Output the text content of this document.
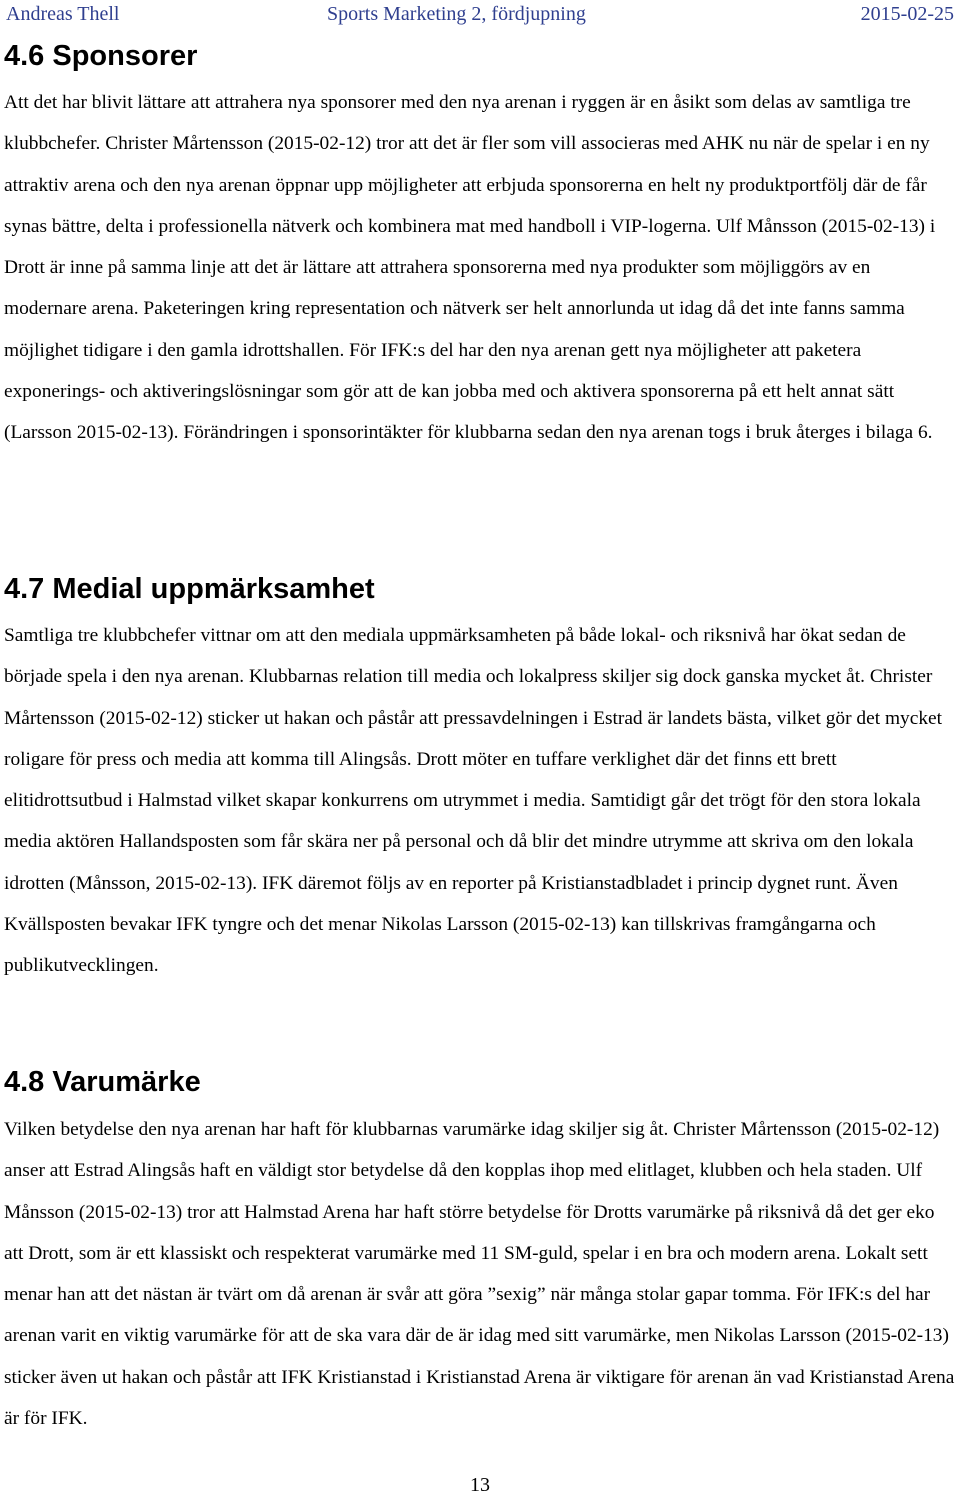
Andreas Thell	Sports Marketing 2, fördjupning	2015-02-25
4.6 Sponsorer

Att det har blivit lättare att attrahera nya sponsorer med den nya arenan i ryggen är en åsikt som delas av samtliga tre klubbchefer. Christer Mårtensson (2015-02-12) tror att det är fler som vill associeras med AHK nu när de spelar i en ny attraktiv arena och den nya arenan öppnar upp möjligheter att erbjuda sponsorerna en helt ny produktportfölj där de får synas bättre, delta i professionella nätverk och kombinera mat med handboll i VIP-logerna. Ulf Månsson (2015-02-13) i Drott är inne på samma linje att det är lättare att attrahera sponsorerna med nya produkter som möjliggörs av en modernare arena. Paketeringen kring representation och nätverk ser helt annorlunda ut idag då det inte fanns samma möjlighet tidigare i den gamla idrottshallen. För IFK:s del har den nya arenan gett nya möjligheter att paketera exponerings- och aktiveringslösningar som gör att de kan jobba med och aktivera sponsorerna på ett helt annat sätt (Larsson 2015-02-13). Förändringen i sponsorintäkter för klubbarna sedan den nya arenan togs i bruk återges i bilaga 6.

4.7 Medial uppmärksamhet

Samtliga tre klubbchefer vittnar om att den mediala uppmärksamheten på både lokal- och riksnivå har ökat sedan de började spela i den nya arenan. Klubbarnas relation till media och lokalpress skiljer sig dock ganska mycket åt. Christer Mårtensson (2015-02-12) sticker ut hakan och påstår att pressavdelningen i Estrad är landets bästa, vilket gör det mycket roligare för press och media att komma till Alingsås. Drott möter en tuffare verklighet där det finns ett brett elitidrottsutbud i Halmstad vilket skapar konkurrens om utrymmet i media. Samtidigt går det trögt för den stora lokala media aktören Hallandsposten som får skära ner på personal och då blir det mindre utrymme att skriva om den lokala idrotten (Månsson, 2015-02-13). IFK däremot följs av en reporter på Kristianstadbladet i princip dygnet runt. Även Kvällsposten bevakar IFK tyngre och det menar Nikolas Larsson (2015-02-13) kan tillskrivas framgångarna och publikutvecklingen.

4.8 Varumärke

Vilken betydelse den nya arenan har haft för klubbarnas varumärke idag skiljer sig åt. Christer Mårtensson (2015-02-12) anser att Estrad Alingsås haft en väldigt stor betydelse då den kopplas ihop med elitlaget, klubben och hela staden. Ulf Månsson (2015-02-13) tror att Halmstad Arena har haft större betydelse för Drotts varumärke på riksnivå då det ger eko att Drott, som är ett klassiskt och respekterat varumärke med 11 SM-guld, spelar i en bra och modern arena. Lokalt sett menar han att det nästan är tvärt om då arenan är svår att göra ”sexig” när många stolar gapar tomma. För IFK:s del har arenan varit en viktig varumärke för att de ska vara där de är idag med sitt varumärke, men Nikolas Larsson (2015-02-13) sticker även ut hakan och påstår att IFK Kristianstad i Kristianstad Arena är viktigare för arenan än vad Kristianstad Arena är för IFK.

13
